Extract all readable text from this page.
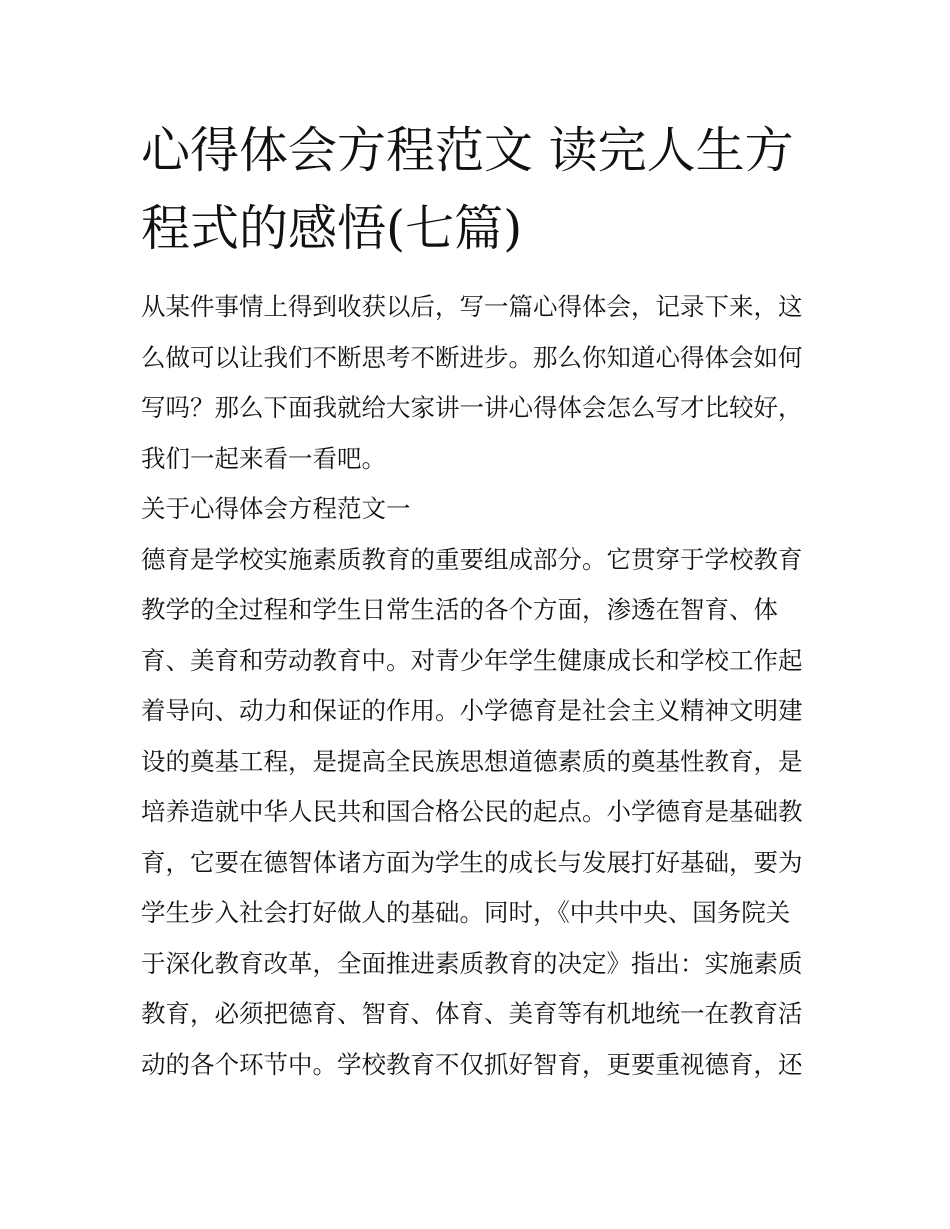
心得体会方程范文 读完人生方
程式的感悟(七篇)

从某件事情上得到收获以后，写一篇心得体会，记录下来，这
么做可以让我们不断思考不断进步。那么你知道心得体会如何
写吗？那么下面我就给大家讲一讲心得体会怎么写才比较好，
我们一起来看一看吧。

关于心得体会方程范文一

德育是学校实施素质教育的重要组成部分。它贯穿于学校教育
教学的全过程和学生日常生活的各个方面，渗透在智育、体
育、美育和劳动教育中。对青少年学生健康成长和学校工作起
着导向、动力和保证的作用。小学德育是社会主义精神文明建
设的奠基工程，是提高全民族思想道德素质的奠基性教育，是
培养造就中华人民共和国合格公民的起点。小学德育是基础教
育，它要在德智体诸方面为学生的成长与发展打好基础，要为
学生步入社会打好做人的基础。同时，《中共中央、国务院关
于深化教育改革，全面推进素质教育的决定》指出：实施素质
教育，必须把德育、智育、体育、美育等有机地统一在教育活
动的各个环节中。学校教育不仅抓好智育，更要重视德育，还
